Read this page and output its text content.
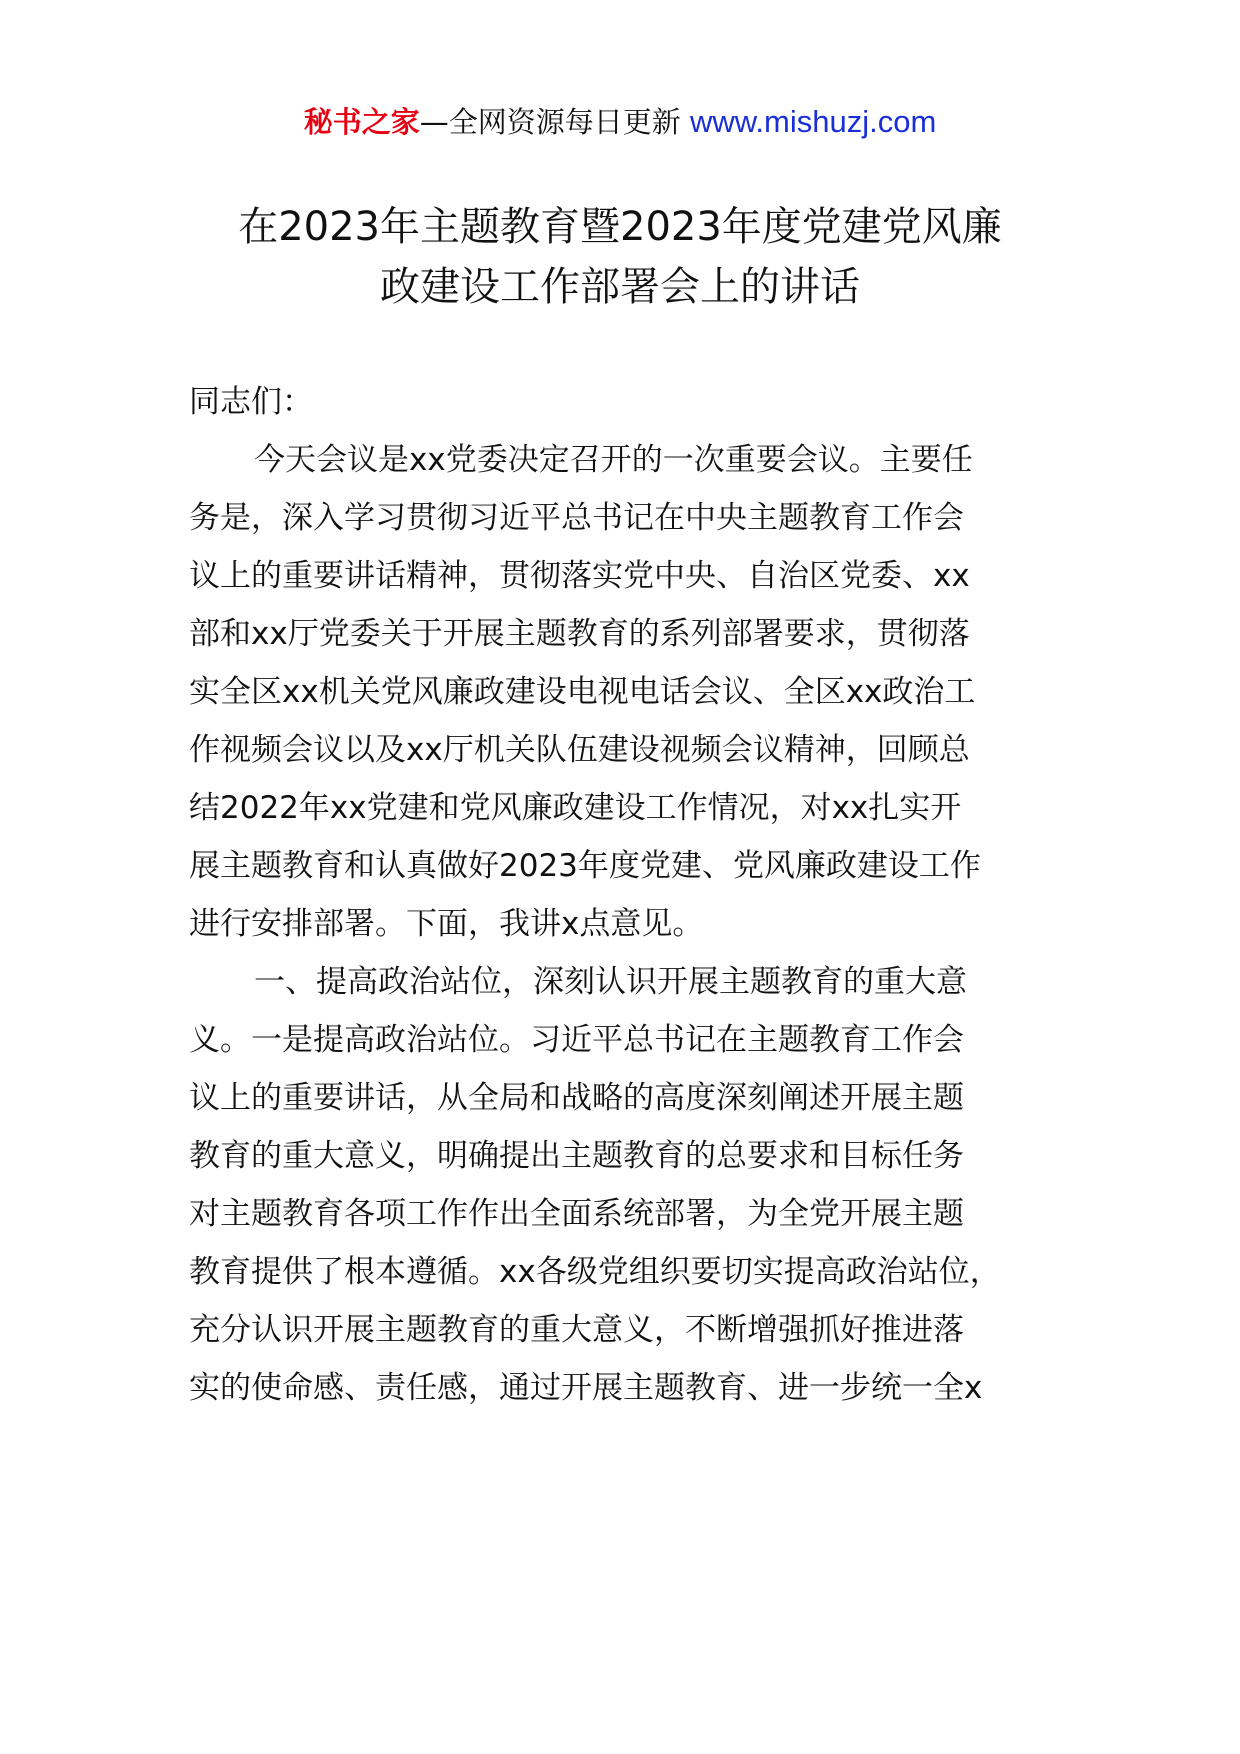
秘书之家—全网资源每日更新 www.mishuzj.com
在2023年主题教育暨2023年度党建党风廉
政建设工作部署会上的讲话
同志们：
今天会议是xx党委决定召开的一次重要会议。主要任
务是，深入学习贯彻习近平总书记在中央主题教育工作会
议上的重要讲话精神，贯彻落实党中央、自治区党委、xx
部和xx厅党委关于开展主题教育的系列部署要求，贯彻落
实全区xx机关党风廉政建设电视电话会议、全区xx政治工
作视频会议以及xx厅机关队伍建设视频会议精神，回顾总
结2022年xx党建和党风廉政建设工作情况，对xx扎实开
展主题教育和认真做好2023年度党建、党风廉政建设工作
进行安排部署。下面，我讲x点意见。
一、提高政治站位，深刻认识开展主题教育的重大意
义。一是提高政治站位。习近平总书记在主题教育工作会
议上的重要讲话，从全局和战略的高度深刻阐述开展主题
教育的重大意义，明确提出主题教育的总要求和目标任务
对主题教育各项工作作出全面系统部署，为全党开展主题
教育提供了根本遵循。xx各级党组织要切实提高政治站位，
充分认识开展主题教育的重大意义，不断增强抓好推进落
实的使命感、责任感，通过开展主题教育、进一步统一全x
